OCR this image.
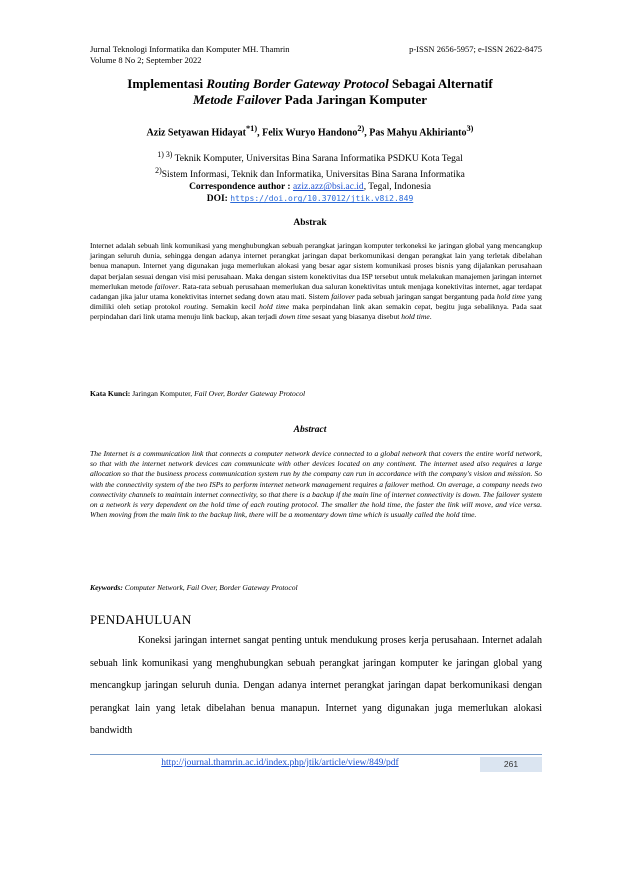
Jurnal Teknologi Informatika dan Komputer MH. Thamrin
Volume 8 No 2; September 2022
p-ISSN 2656-5957; e-ISSN 2622-8475
Implementasi Routing Border Gateway Protocol Sebagai Alternatif
Metode Failover Pada Jaringan Komputer
Aziz Setyawan Hidayat$^{*1)}$, Felix Wuryo Handono$^{2)}$, Pas Mahyu Akhirianto$^{3)}$
$^{1) 3)}$ Teknik Komputer, Universitas Bina Sarana Informatika PSDKU Kota Tegal
$^{2)}$Sistem Informasi, Teknik dan Informatika, Universitas Bina Sarana Informatika
Correspondence author : aziz.azz@bsi.ac.id, Tegal, Indonesia
DOI: https://doi.org/10.37012/jtik.v8i2.849
Abstrak
Internet adalah sebuah link komunikasi yang menghubungkan sebuah perangkat jaringan komputer terkoneksi ke jaringan global yang mencangkup jaringan seluruh dunia, sehingga dengan adanya internet perangkat jaringan dapat berkomunikasi dengan perangkat lain yang terletak dibelahan benua manapun. Internet yang digunakan juga memerlukan alokasi yang besar agar sistem komunikasi proses bisnis yang dijalankan perusahaan dapat berjalan sesuai dengan visi misi perusahaan. Maka dengan sistem konektivitas dua ISP tersebut untuk melakukan manajemen jaringan internet memerlukan metode failover. Rata-rata sebuah perusahaan memerlukan dua saluran konektivitas untuk menjaga konektivitas internet, agar terdapat cadangan jika jalur utama konektivitas internet sedang down atau mati. Sistem failover pada sebuah jaringan sangat bergantung pada hold time yang dimiliki oleh setiap protokol routing. Semakin kecil hold time maka perpindahan link akan semakin cepat, begitu juga sebaliknya. Pada saat perpindahan dari link utama menuju link backup, akan terjadi down time sesaat yang biasanya disebut hold time.
Kata Kunci: Jaringan Komputer, Fail Over, Border Gateway Protocol
Abstract
The Internet is a communication link that connects a computer network device connected to a global network that covers the entire world network, so that with the internet network devices can communicate with other devices located on any continent. The internet used also requires a large allocation so that the business process communication system run by the company can run in accordance with the company's vision and mission. So with the connectivity system of the two ISPs to perform internet network management requires a failover method. On average, a company needs two connectivity channels to maintain internet connectivity, so that there is a backup if the main line of internet connectivity is down. The failover system on a network is very dependent on the hold time of each routing protocol. The smaller the hold time, the faster the link will move, and vice versa. When moving from the main link to the backup link, there will be a momentary down time which is usually called the hold time.
Keywords: Computer Network, Fail Over, Border Gateway Protocol
PENDAHULUAN

Koneksi jaringan internet sangat penting untuk mendukung proses kerja perusahaan. Internet adalah sebuah link komunikasi yang menghubungkan sebuah perangkat jaringan komputer ke jaringan global yang mencangkup jaringan seluruh dunia. Dengan adanya internet perangkat jaringan dapat berkomunikasi dengan perangkat lain yang letak dibelahan benua manapun. Internet yang digunakan juga memerlukan alokasi bandwidth

http://journal.thamrin.ac.id/index.php/jtik/article/view/849/pdf	261
